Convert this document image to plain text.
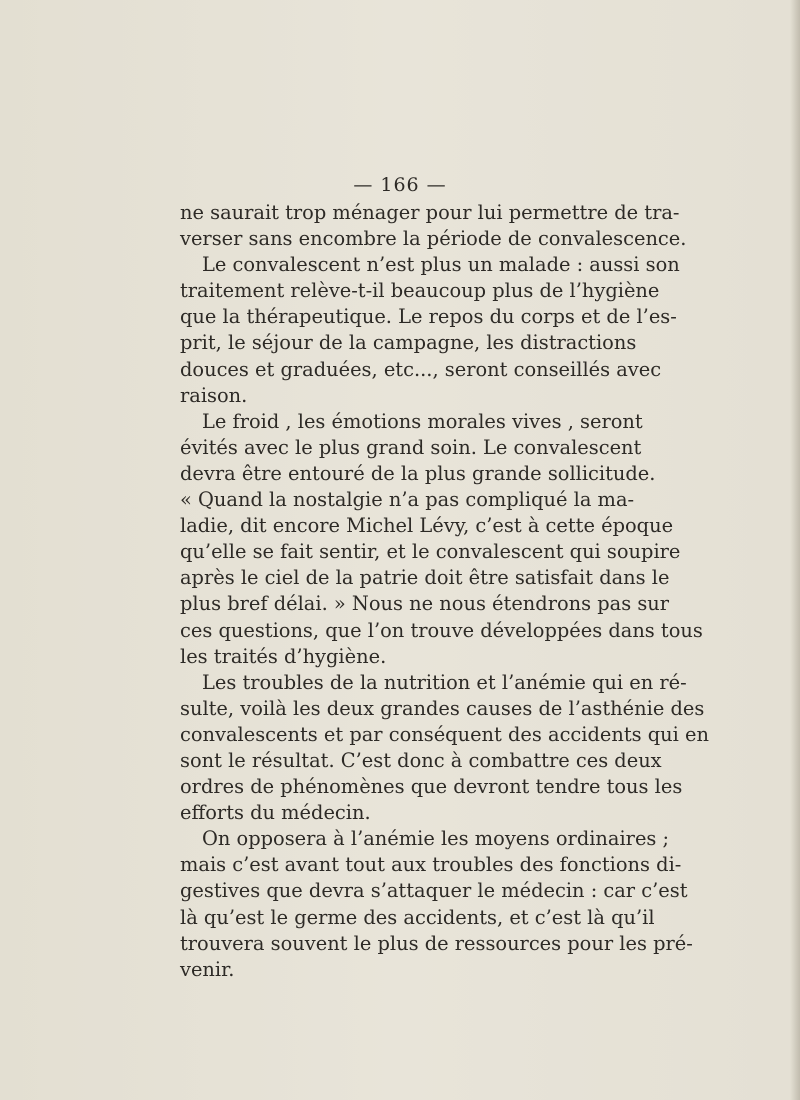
— 166 —

ne saurait trop ménager pour lui permettre de tra-
verser sans encombre la période de convalescence.

Le convalescent n’est plus un malade : aussi son
traitement relève-t-il beaucoup plus de l’hygiène
que la thérapeutique. Le repos du corps et de l’es-
prit, le séjour de la campagne, les distractions
douces et graduées, etc..., seront conseillés avec
raison.

Le froid , les émotions morales vives , seront
évités avec le plus grand soin. Le convalescent
devra être entouré de la plus grande sollicitude.
« Quand la nostalgie n’a pas compliqué la ma-
ladie, dit encore Michel Lévy, c’est à cette époque
qu’elle se fait sentir, et le convalescent qui soupire
après le ciel de la patrie doit être satisfait dans le
plus bref délai. » Nous ne nous étendrons pas sur
ces questions, que l’on trouve développées dans tous
les traités d’hygiène.

Les troubles de la nutrition et l’anémie qui en ré-
sulte, voilà les deux grandes causes de l’asthénie des
convalescents et par conséquent des accidents qui en
sont le résultat. C’est donc à combattre ces deux
ordres de phénomènes que devront tendre tous les
efforts du médecin.

On opposera à l’anémie les moyens ordinaires ;
mais c’est avant tout aux troubles des fonctions di-
gestives que devra s’attaquer le médecin : car c’est
là qu’est le germe des accidents, et c’est là qu’il
trouvera souvent le plus de ressources pour les pré-
venir.
